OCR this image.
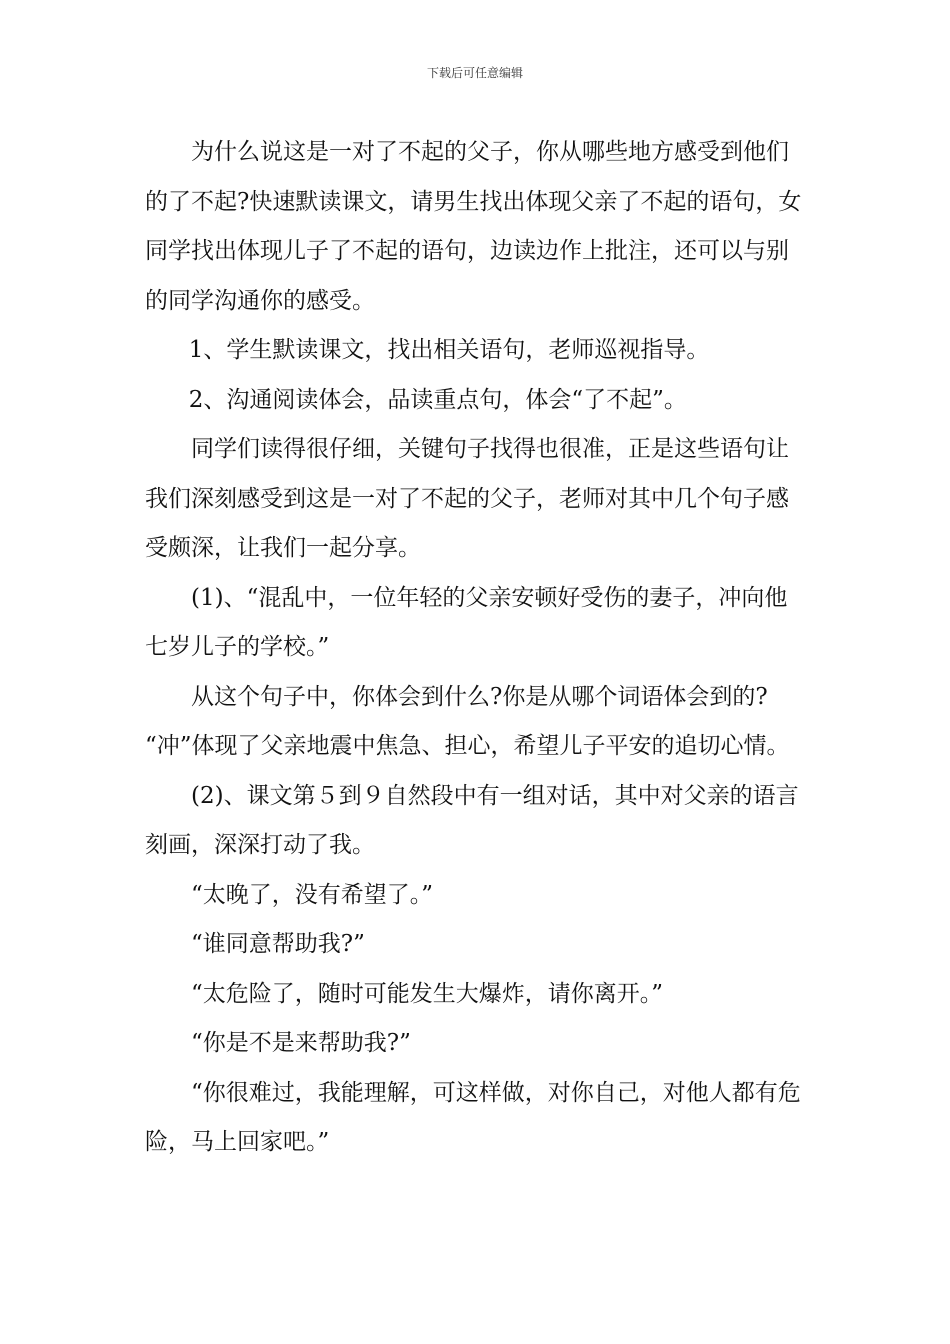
下载后可任意编辑

为什么说这是一对了不起的父子，你从哪些地方感受到他们的了不起?快速默读课文，请男生找出体现父亲了不起的语句，女同学找出体现儿子了不起的语句，边读边作上批注，还可以与别的同学沟通你的感受。

1、学生默读课文，找出相关语句，老师巡视指导。

2、沟通阅读体会，品读重点句，体会“了不起”。

同学们读得很仔细，关键句子找得也很准，正是这些语句让我们深刻感受到这是一对了不起的父子，老师对其中几个句子感受颇深，让我们一起分享。

(1)、“混乱中，一位年轻的父亲安顿好受伤的妻子，冲向他七岁儿子的学校。”

从这个句子中，你体会到什么?你是从哪个词语体会到的? “冲”体现了父亲地震中焦急、担心，希望儿子平安的追切心情。

(2)、课文第５到９自然段中有一组对话，其中对父亲的语言刻画，深深打动了我。

“太晚了，没有希望了。”

“谁同意帮助我?”

“太危险了，随时可能发生大爆炸，请你离开。”

“你是不是来帮助我?”

“你很难过，我能理解，可这样做，对你自己，对他人都有危险，马上回家吧。”
